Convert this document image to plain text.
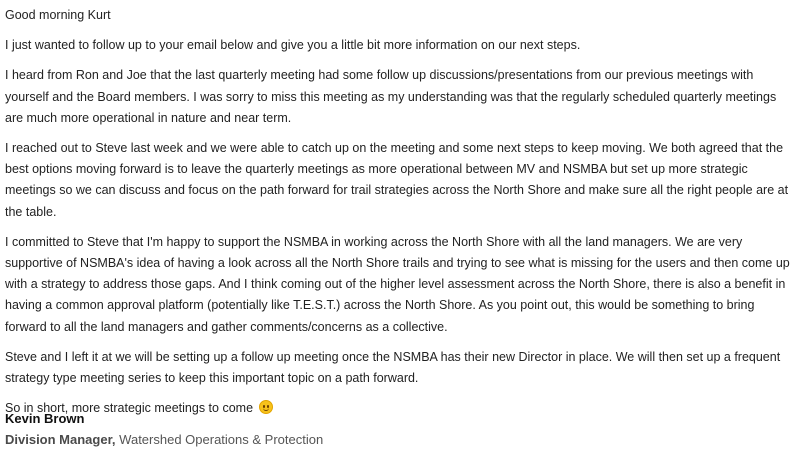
Good morning Kurt

I just wanted to follow up to your email below and give you a little bit more information on our next steps.

I heard from Ron and Joe that the last quarterly meeting had some follow up discussions/presentations from our previous meetings with yourself and the Board members. I was sorry to miss this meeting as my understanding was that the regularly scheduled quarterly meetings are much more operational in nature and near term.

I reached out to Steve last week and we were able to catch up on the meeting and some next steps to keep moving. We both agreed that the best options moving forward is to leave the quarterly meetings as more operational between MV and NSMBA but set up more strategic meetings so we can discuss and focus on the path forward for trail strategies across the North Shore and make sure all the right people are at the table.

I committed to Steve that I'm happy to support the NSMBA in working across the North Shore with all the land managers. We are very supportive of NSMBA's idea of having a look across all the North Shore trails and trying to see what is missing for the users and then come up with a strategy to address those gaps. And I think coming out of the higher level assessment across the North Shore, there is also a benefit in having a common approval platform (potentially like T.E.S.T.) across the North Shore. As you point out, this would be something to bring forward to all the land managers and gather comments/concerns as a collective.

Steve and I left it at we will be setting up a follow up meeting once the NSMBA has their new Director in place. We will then set up a frequent strategy type meeting series to keep this important topic on a path forward.

So in short, more strategic meetings to come

Kevin Brown
Division Manager, Watershed Operations & Protection
